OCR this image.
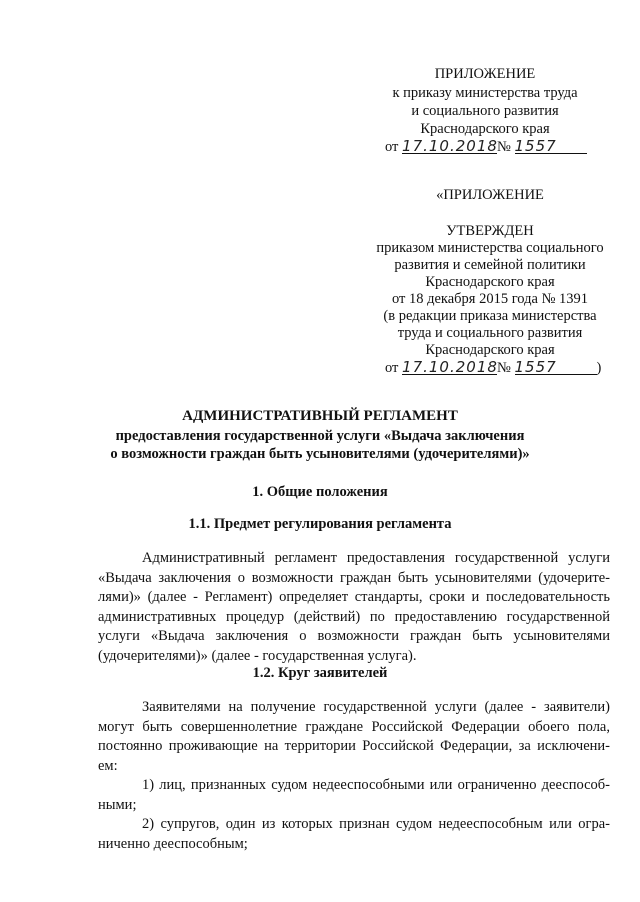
ПРИЛОЖЕНИЕ
к приказу министерства труда
и социального развития
Краснодарского края
от 17.10.2018№ 1557
«ПРИЛОЖЕНИЕ
УТВЕРЖДЕН
приказом министерства социального
развития и семейной политики
Краснодарского края
от 18 декабря 2015 года № 1391
(в редакции приказа министерства
труда и социального развития
Краснодарского края
от 17.10.2018№ 1557	)
АДМИНИСТРАТИВНЫЙ РЕГЛАМЕНТ
предоставления государственной услуги «Выдача заключения
о возможности граждан быть усыновителями (удочерителями)»
1. Общие положения
1.1. Предмет регулирования регламента
Административный регламент предоставления государственной услуги
«Выдача заключения о возможности граждан быть усыновителями (удочерите-
лями)» (далее - Регламент) определяет стандарты, сроки и последовательность
административных процедур (действий) по предоставлению государственной
услуги «Выдача заключения о возможности граждан быть усыновителями
(удочерителями)» (далее - государственная услуга).
1.2. Круг заявителей
Заявителями на получение государственной услуги (далее - заявители)
могут быть совершеннолетние граждане Российской Федерации обоего пола,
постоянно проживающие на территории Российской Федерации, за исключени-
ем:
1) лиц, признанных судом недееспособными или ограниченно дееспособ-
ными;
2) супругов, один из которых признан судом недееспособным или огра-
ниченно дееспособным;
